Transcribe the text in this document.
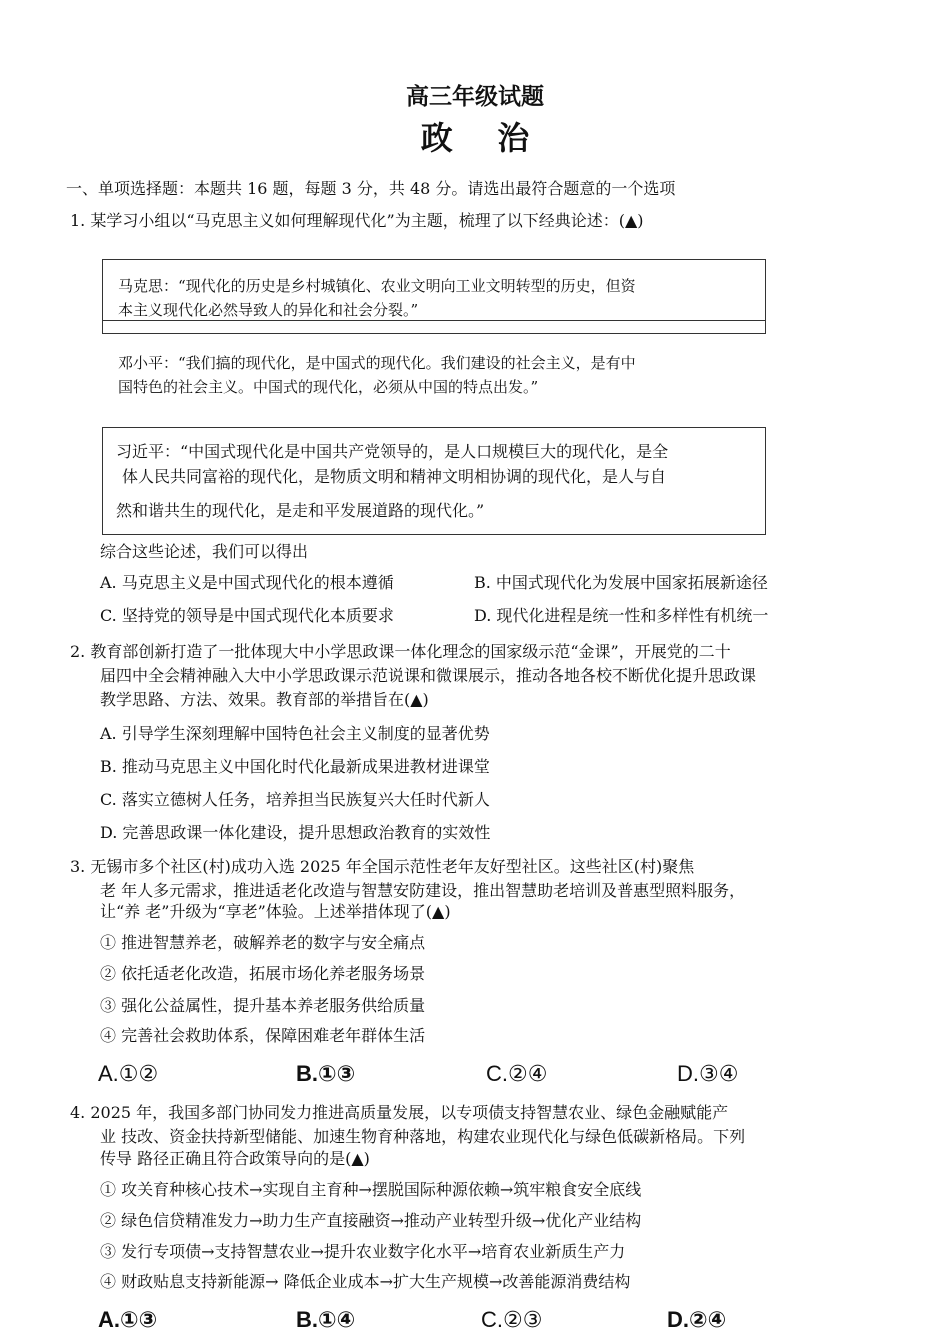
高三年级试题
政    治
一、单项选择题：本题共 16 题，每题 3 分，共 48 分。请选出最符合题意的一个选项
1. 某学习小组以“马克思主义如何理解现代化”为主题，梳理了以下经典论述：(▲)
马克思：“现代化的历史是乡村城镇化、农业文明向工业文明转型的历史，但资
本主义现代化必然导致人的异化和社会分裂。”
邓小平：“我们搞的现代化，是中国式的现代化。我们建设的社会主义，是有中
国特色的社会主义。中国式的现代化，必须从中国的特点出发。”
习近平：“中国式现代化是中国共产党领导的，是人口规模巨大的现代化，是全
体人民共同富裕的现代化，是物质文明和精神文明相协调的现代化，是人与自
然和谐共生的现代化，是走和平发展道路的现代化。”
综合这些论述，我们可以得出
A. 马克思主义是中国式现代化的根本遵循	B. 中国式现代化为发展中国家拓展新途径
C. 坚持党的领导是中国式现代化本质要求	D. 现代化进程是统一性和多样性有机统一
2. 教育部创新打造了一批体现大中小学思政课一体化理念的国家级示范“金课”，开展党的二十
届四中全会精神融入大中小学思政课示范说课和微课展示，推动各地各校不断优化提升思政课
教学思路、方法、效果。教育部的举措旨在(▲)
A. 引导学生深刻理解中国特色社会主义制度的显著优势
B. 推动马克思主义中国化时代化最新成果进教材进课堂
C. 落实立德树人任务，培养担当民族复兴大任时代新人
D. 完善思政课一体化建设，提升思想政治教育的实效性
3. 无锡市多个社区(村)成功入选 2025 年全国示范性老年友好型社区。这些社区(村)聚焦
老 年人多元需求，推进适老化改造与智慧安防建设，推出智慧助老培训及普惠型照料服务，
让“养 老”升级为“享老”体验。上述举措体现了(▲)
① 推进智慧养老，破解养老的数字与安全痛点
② 依托适老化改造，拓展市场化养老服务场景
③ 强化公益属性，提升基本养老服务供给质量
④ 完善社会救助体系，保障困难老年群体生活
A.①②	B.①③	C.②④	D.③④
4. 2025 年，我国多部门协同发力推进高质量发展，以专项债支持智慧农业、绿色金融赋能产
业 技改、资金扶持新型储能、加速生物育种落地，构建农业现代化与绿色低碳新格局。下列
传导 路径正确且符合政策导向的是(▲)
① 攻关育种核心技术→实现自主育种→摆脱国际种源依赖→筑牢粮食安全底线
② 绿色信贷精准发力→助力生产直接融资→推动产业转型升级→优化产业结构
③ 发行专项债→支持智慧农业→提升农业数字化水平→培育农业新质生产力
④ 财政贴息支持新能源→ 降低企业成本→扩大生产规模→改善能源消费结构
A.①③	B.①④	C.②③	D.②④
